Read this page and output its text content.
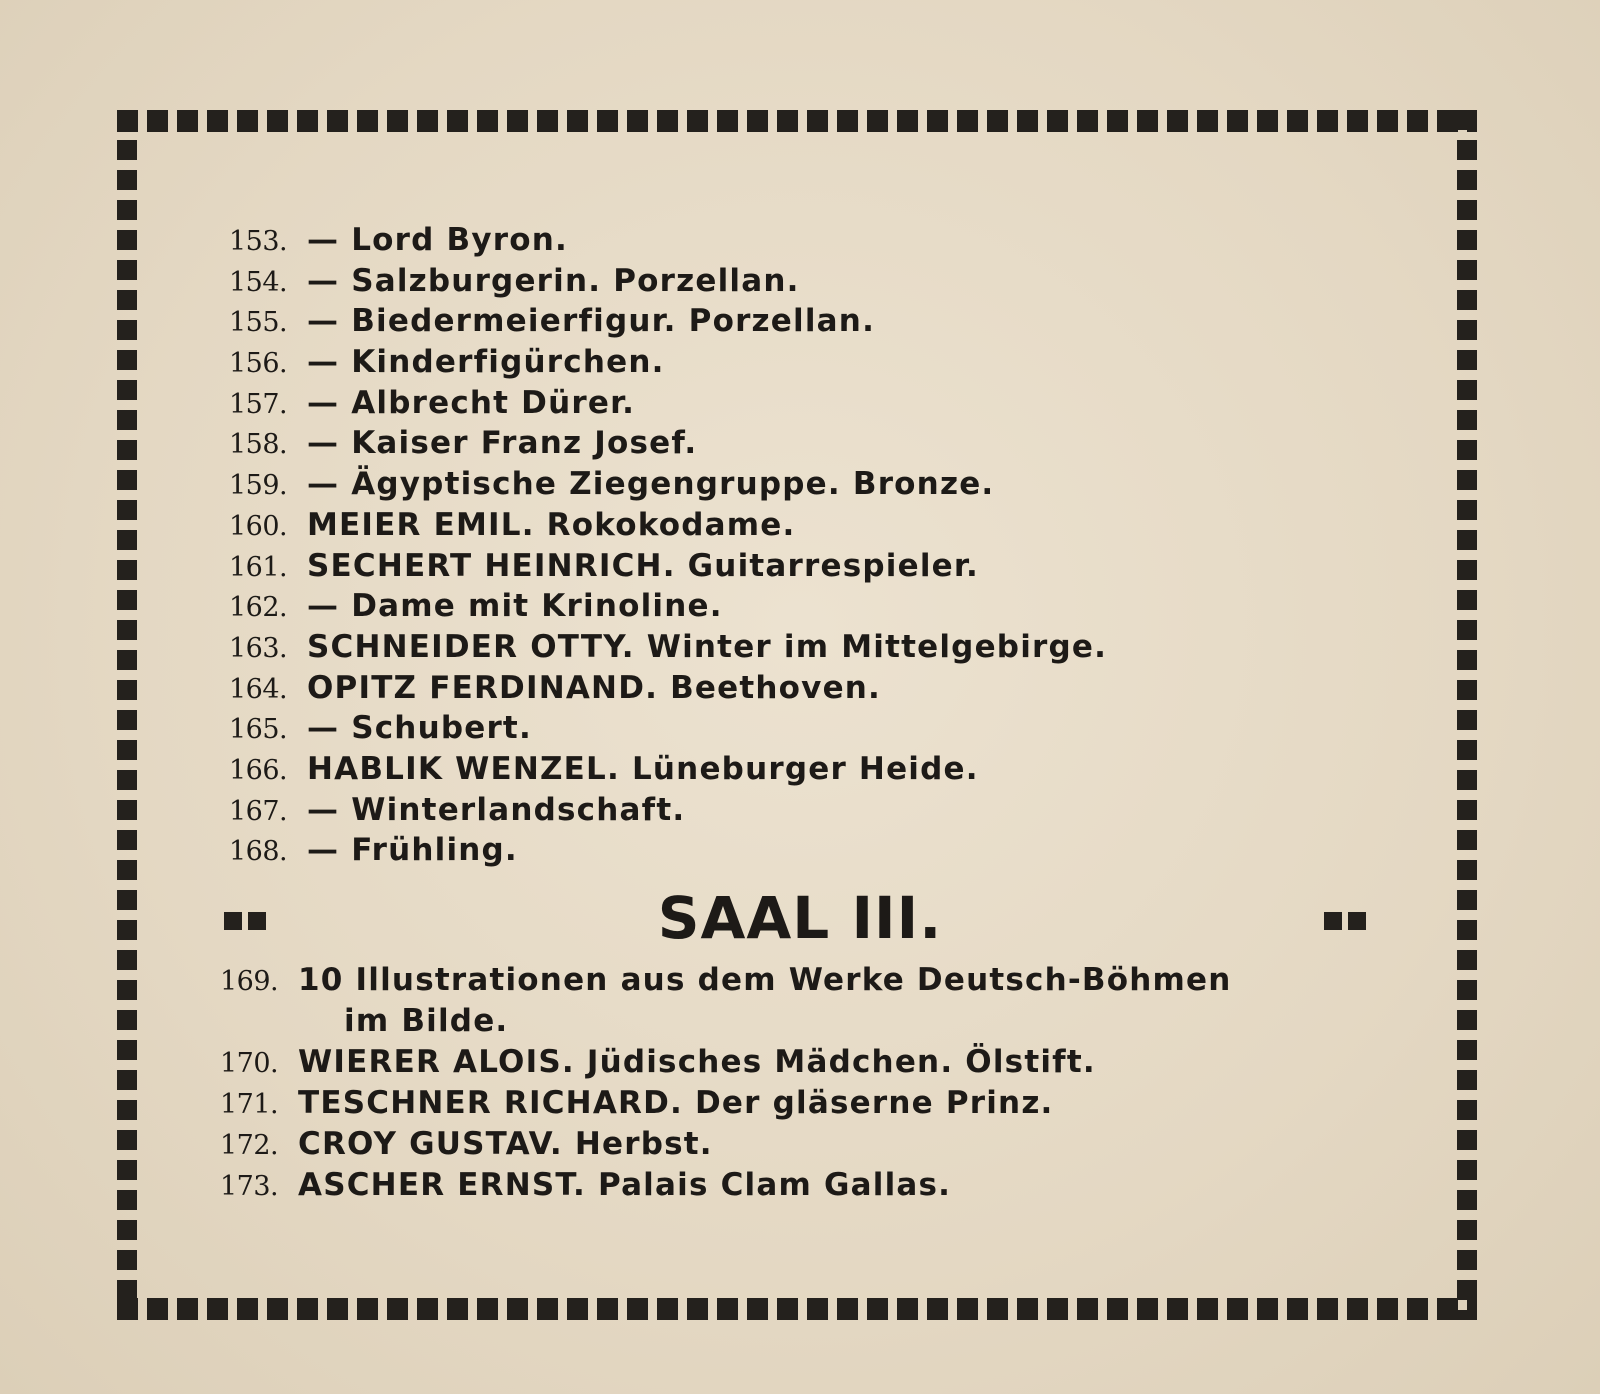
153. — Lord Byron.
154. — Salzburgerin. Porzellan.
155. — Biedermeierfigur. Porzellan.
156. — Kinderfigürchen.
157. — Albrecht Dürer.
158. — Kaiser Franz Josef.
159. — Ägyptische Ziegengruppe. Bronze.
160. MEIER EMIL. Rokokodame.
161. SECHERT HEINRICH. Guitarrespieler.
162. — Dame mit Krinoline.
163. SCHNEIDER OTTY. Winter im Mittelgebirge.
164. OPITZ FERDINAND. Beethoven.
165. — Schubert.
166. HABLIK WENZEL. Lüneburger Heide.
167. — Winterlandschaft.
168. — Frühling.
SAAL III.
169. 10 Illustrationen aus dem Werke Deutsch-Böhmen
im Bilde.
170. WIERER ALOIS. Jüdisches Mädchen. Ölstift.
171. TESCHNER RICHARD. Der gläserne Prinz.
172. CROY GUSTAV. Herbst.
173. ASCHER ERNST. Palais Clam Gallas.
